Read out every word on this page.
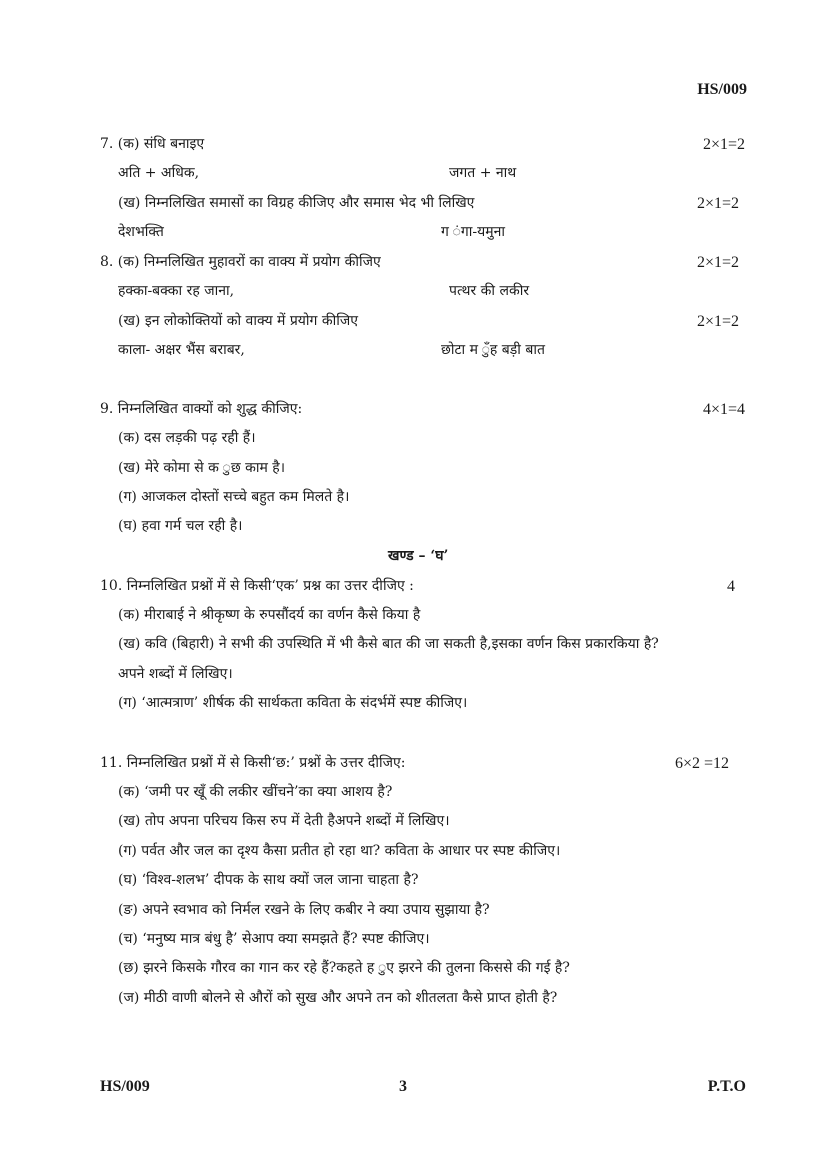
HS/009
7. (क) संधि बनाइए	2×1=2
अति + अधिक,	जगत + नाथ
(ख) निम्नलिखित समासों का विग्रह कीजिए और समास भेद भी लिखिए	2×1=2
देशभक्ति	ग ंगा-यमुना
8. (क) निम्नलिखित मुहावरों का वाक्य में प्रयोग कीजिए	2×1=2
हक्का-बक्का रह जाना,	पत्थर की लकीर
(ख) इन लोकोक्तियों को वाक्य में प्रयोग कीजिए	2×1=2
काला- अक्षर भैंस बराबर,	छोटा म ुँह बड़ी बात
9. निम्नलिखित वाक्यों को शुद्ध कीजिए:	4×1=4
(क) दस लड़की पढ़ रही हैं।
(ख) मेरे कोमा से क ुछ काम है।
(ग) आजकल दोस्तों सच्चे बहुत कम मिलते है।
(घ) हवा गर्म चल रही है।
खण्ड – ‘घ’
10. निम्नलिखित प्रश्नों में से किसी‘एक’ प्रश्न का उत्तर दीजिए :	4
(क) मीराबाई ने श्रीकृष्ण के रुपसौंदर्य का वर्णन कैसे किया है
(ख) कवि (बिहारी) ने सभी की उपस्थिति में भी कैसे बात की जा सकती है,इसका वर्णन किस प्रकारकिया है?
अपने शब्दों में लिखिए।
(ग) ‘आत्मत्राण’ शीर्षक की सार्थकता कविता के संदर्भमें स्पष्ट कीजिए।
11. निम्नलिखित प्रश्नों में से किसी‘छ:’ प्रश्नों के उत्तर दीजिए:	6×2 =12
(क) ‘जमी पर खूँ की लकीर खींचने’का क्या आशय है?
(ख) तोप अपना परिचय किस रुप में देती हैअपने शब्दों में लिखिए।
(ग) पर्वत और जल का दृश्य कैसा प्रतीत हो रहा था? कविता के आधार पर स्पष्ट कीजिए।
(घ) ‘विश्व-शलभ’ दीपक के साथ क्यों जल जाना चाहता है?
(ङ) अपने स्वभाव को निर्मल रखने के लिए कबीर ने क्या उपाय सुझाया है?
(च) ‘मनुष्य मात्र बंधु है’ सेआप क्या समझते हैं? स्पष्ट कीजिए।
(छ) झरने किसके गौरव का गान कर रहे हैं?कहते ह ुए झरने की तुलना किससे की गई है?
(ज) मीठी वाणी बोलने से औरों को सुख और अपने तन को शीतलता कैसे प्राप्त होती है?
HS/009	3	P.T.O
